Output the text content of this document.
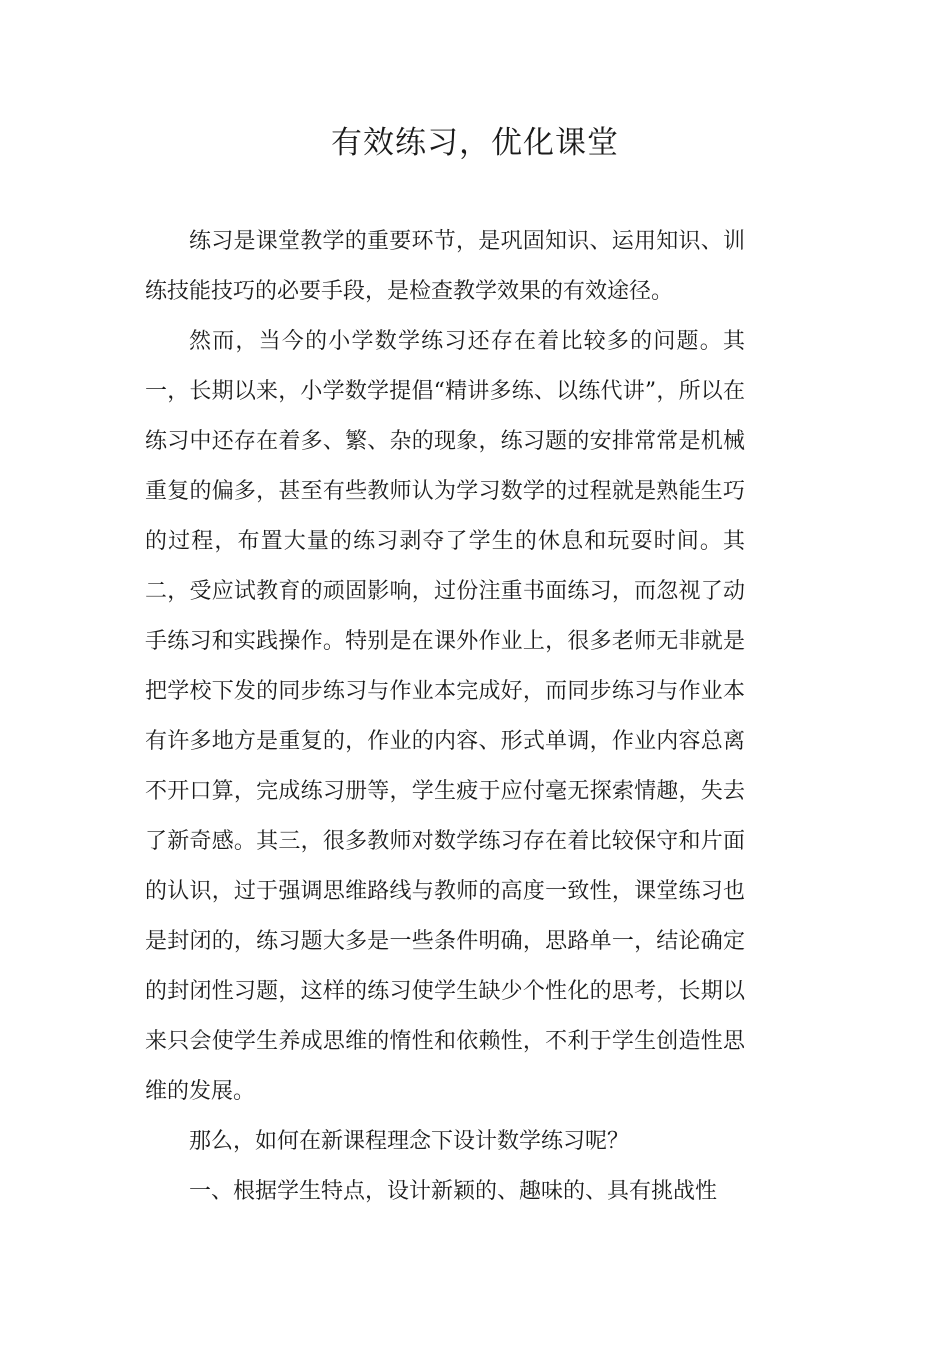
有效练习，优化课堂

练习是课堂教学的重要环节，是巩固知识、运用知识、训练技能技巧的必要手段，是检查教学效果的有效途径。

然而，当今的小学数学练习还存在着比较多的问题。其一，长期以来，小学数学提倡“精讲多练、以练代讲”，所以在练习中还存在着多、繁、杂的现象，练习题的安排常常是机械重复的偏多，甚至有些教师认为学习数学的过程就是熟能生巧的过程，布置大量的练习剥夺了学生的休息和玩耍时间。其二，受应试教育的顽固影响，过份注重书面练习，而忽视了动手练习和实践操作。特别是在课外作业上，很多老师无非就是把学校下发的同步练习与作业本完成好，而同步练习与作业本有许多地方是重复的，作业的内容、形式单调，作业内容总离不开口算，完成练习册等，学生疲于应付毫无探索情趣，失去了新奇感。其三，很多教师对数学练习存在着比较保守和片面的认识，过于强调思维路线与教师的高度一致性，课堂练习也是封闭的，练习题大多是一些条件明确，思路单一，结论确定的封闭性习题，这样的练习使学生缺少个性化的思考，长期以来只会使学生养成思维的惰性和依赖性，不利于学生创造性思维的发展。

那么，如何在新课程理念下设计数学练习呢？

一、根据学生特点，设计新颖的、趣味的、具有挑战性
